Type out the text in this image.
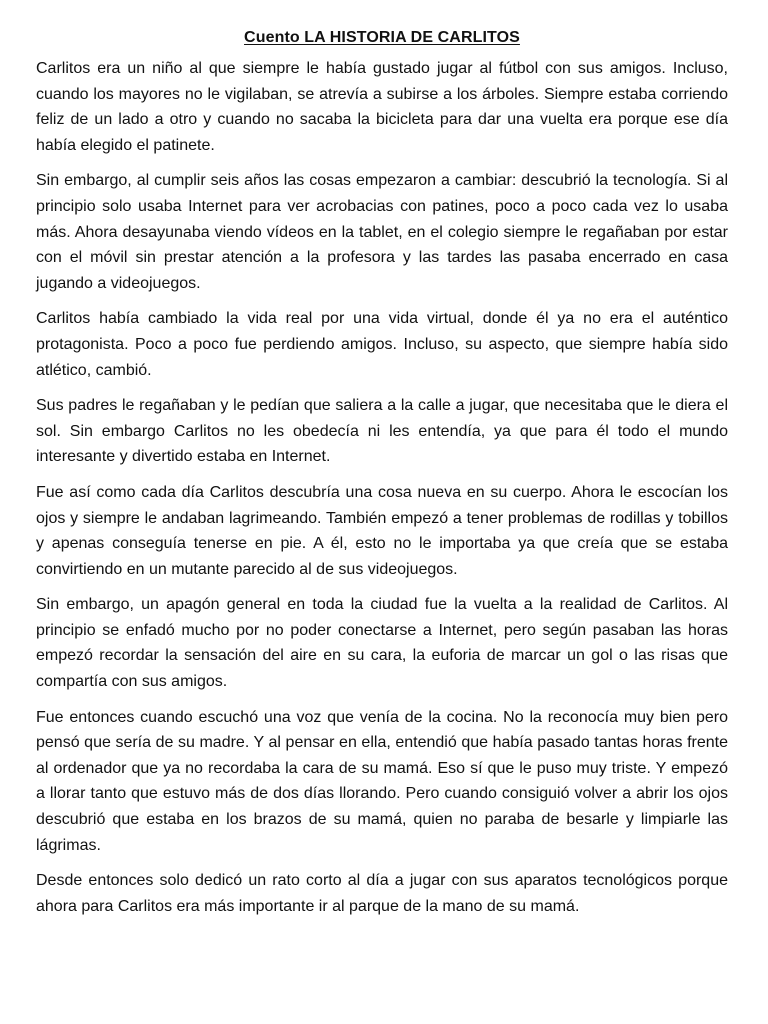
Cuento LA HISTORIA DE CARLITOS

Carlitos era un niño al que siempre le había gustado jugar al fútbol con sus amigos. Incluso, cuando los mayores no le vigilaban, se atrevía a subirse a los árboles. Siempre estaba corriendo feliz de un lado a otro y cuando no sacaba la bicicleta para dar una vuelta era porque ese día había elegido el patinete.

Sin embargo, al cumplir seis años las cosas empezaron a cambiar: descubrió la tecnología. Si al principio solo usaba Internet para ver acrobacias con patines, poco a poco cada vez lo usaba más. Ahora desayunaba viendo vídeos en la tablet, en el colegio siempre le regañaban por estar con el móvil sin prestar atención a la profesora y las tardes las pasaba encerrado en casa jugando a videojuegos.

Carlitos había cambiado la vida real por una vida virtual, donde él ya no era el auténtico protagonista. Poco a poco fue perdiendo amigos. Incluso, su aspecto, que siempre había sido atlético, cambió.

Sus padres le regañaban y le pedían que saliera a la calle a jugar, que necesitaba que le diera el sol. Sin embargo Carlitos no les obedecía ni les entendía, ya que para él todo el mundo interesante y divertido estaba en Internet.

Fue así como cada día Carlitos descubría una cosa nueva en su cuerpo. Ahora le escocían los ojos y siempre le andaban lagrimeando. También empezó a tener problemas de rodillas y tobillos y apenas conseguía tenerse en pie. A él, esto no le importaba ya que creía que se estaba convirtiendo en un mutante parecido al de sus videojuegos.

Sin embargo, un apagón general en toda la ciudad fue la vuelta a la realidad de Carlitos. Al principio se enfadó mucho por no poder conectarse a Internet, pero según pasaban las horas empezó recordar la sensación del aire en su cara, la euforia de marcar un gol o las risas que compartía con sus amigos.

Fue entonces cuando escuchó una voz que venía de la cocina. No la reconocía muy bien pero pensó que sería de su madre. Y al pensar en ella, entendió que había pasado tantas horas frente al ordenador que ya no recordaba la cara de su mamá. Eso sí que le puso muy triste. Y empezó a llorar tanto que estuvo más de dos días llorando. Pero cuando consiguió volver a abrir los ojos descubrió que estaba en los brazos de su mamá, quien no paraba de besarle y limpiarle las lágrimas.

Desde entonces solo dedicó un rato corto al día a jugar con sus aparatos tecnológicos porque ahora para Carlitos era más importante ir al parque de la mano de su mamá.
